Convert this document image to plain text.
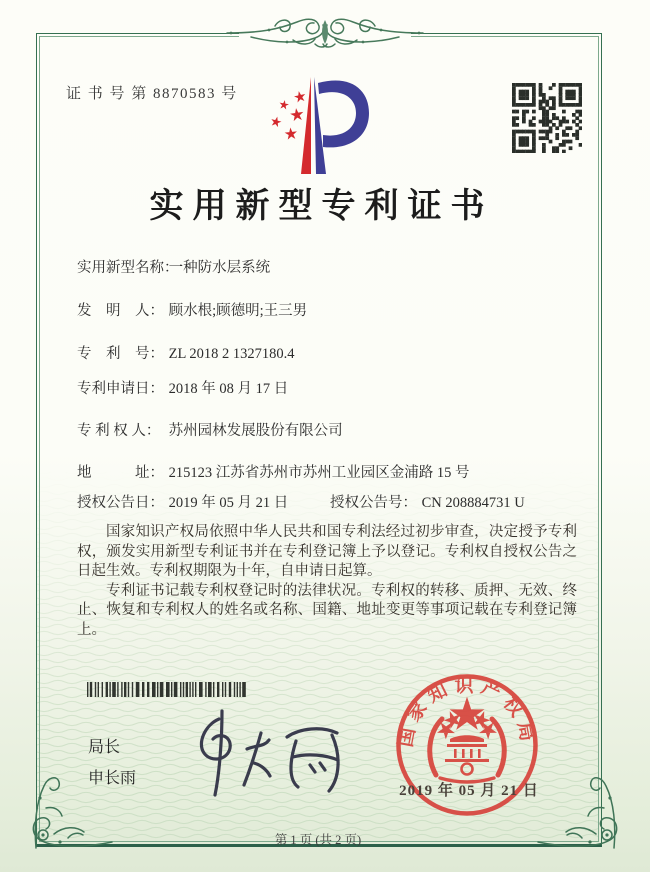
证 书 号 第 8870583 号
实用新型专利证书
实用新型名称： 一种防水层系统
发　明　人： 顾水根;顾德明;王三男
专　利　号： ZL 2018 2 1327180.4
专利申请日： 2018 年 08 月 17 日
专 利 权 人： 苏州园林发展股份有限公司
地　　　址： 215123 江苏省苏州市苏州工业园区金浦路 15 号
授权公告日： 2019 年 05 月 21 日	授权公告号： CN 208884731 U

国家知识产权局依照中华人民共和国专利法经过初步审查，决定授予专利权，颁发实用新型专利证书并在专利登记簿上予以登记。专利权自授权公告之日起生效。专利权期限为十年，自申请日起算。

专利证书记载专利权登记时的法律状况。专利权的转移、质押、无效、终止、恢复和专利权人的姓名或名称、国籍、地址变更等事项记载在专利登记簿上。

局长
申长雨
国家知识产权局
2019 年 05 月 21 日
第 1 页 (共 2 页)
